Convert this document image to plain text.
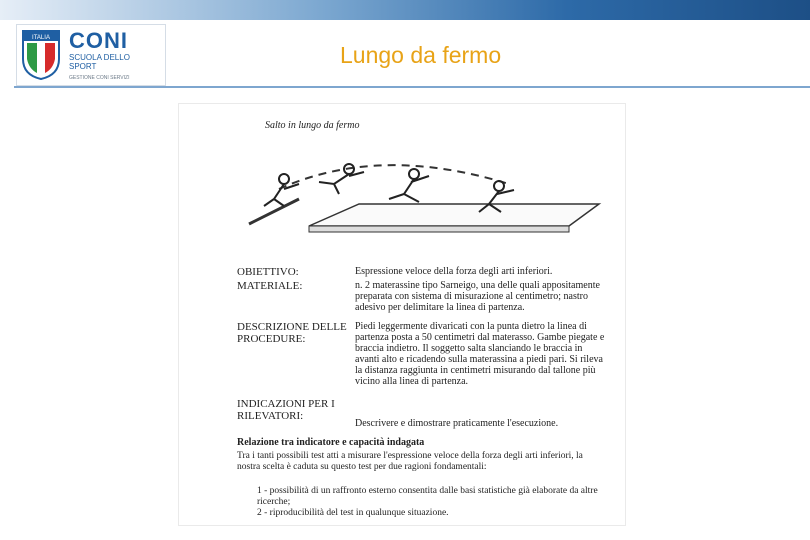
ITALIA CONI
SCUOLA DELLO SPORT
GESTIONE CONI SERVIZI
Lungo da fermo
Salto in lungo da fermo
OBIETTIVO:	Espressione veloce della forza degli arti inferiori.
MATERIALE:	n. 2 materassine tipo Sarneigo, una delle quali appositamente preparata con sistema di misurazione al centimetro; nastro adesivo per delimitare la linea di partenza.
DESCRIZIONE DELLE PROCEDURE:
Piedi leggermente divaricati con la punta dietro la linea di partenza posta a 50 centimetri dal materasso. Gambe piegate e braccia indietro. Il soggetto salta slanciando le braccia in avanti alto e ricadendo sulla materassina a piedi pari. Si rileva la distanza raggiunta in centimetri misurando dal tallone più vicino alla linea di partenza.
INDICAZIONI PER I RILEVATORI:
Descrivere e dimostrare praticamente l'esecuzione.
Relazione tra indicatore e capacità indagata
Tra i tanti possibili test atti a misurare l'espressione veloce della forza degli arti inferiori, la nostra scelta è caduta su questo test per due ragioni fondamentali:
1 - possibilità di un raffronto esterno consentita dalle basi statistiche già elaborate da altre ricerche;
2 - riproducibilità del test in qualunque situazione.
